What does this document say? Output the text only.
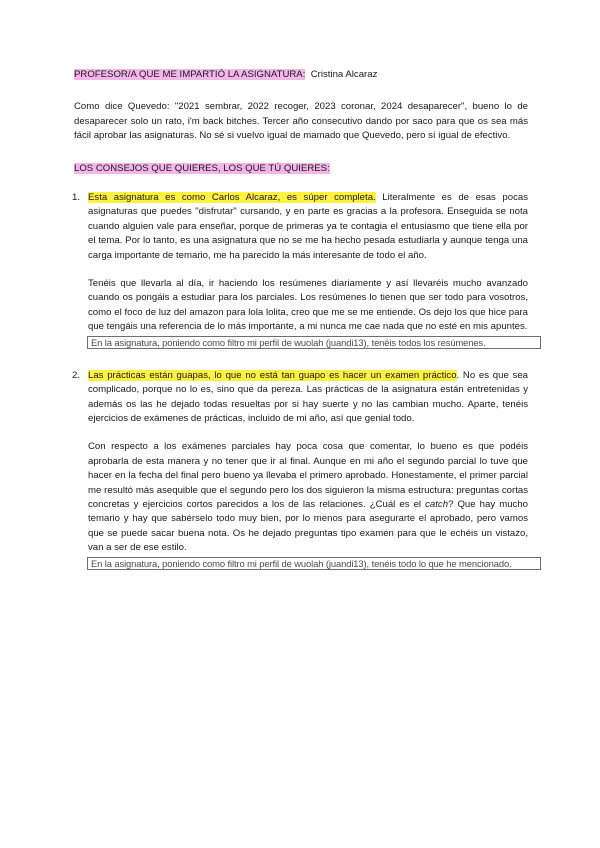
PROFESOR/A QUE ME IMPARTIÓ LA ASIGNATURA: Cristina Alcaraz

Como dice Quevedo: "2021 sembrar, 2022 recoger, 2023 coronar, 2024 desaparecer", bueno lo de desaparecer solo un rato, i'm back bitches. Tercer año consecutivo dando por saco para que os sea más fácil aprobar las asignaturas. No sé si vuelvo igual de mamado que Quevedo, pero sí igual de efectivo.

LOS CONSEJOS QUE QUIERES, LOS QUE TÚ QUIERES:

1. Esta asignatura es como Carlos Alcaraz, es súper completa. Literalmente es de esas pocas asignaturas que puedes "disfrutar" cursando, y en parte es gracias a la profesora. Enseguida se nota cuando alguien vale para enseñar, porque de primeras ya te contagia el entusiasmo que tiene ella por el tema. Por lo tanto, es una asignatura que no se me ha hecho pesada estudiarla y aunque tenga una carga importante de temario, me ha parecido la más interesante de todo el año.

Tenéis que llevarla al día, ir haciendo los resúmenes diariamente y así llevaréis mucho avanzado cuando os pongáis a estudiar para los parciales. Los resúmenes lo tienen que ser todo para vosotros, como el foco de luz del amazon para lola lolita, creo que me se me entiende. Os dejo los que hice para que tengáis una referencia de lo más importante, a mi nunca me cae nada que no esté en mis apuntes.

En la asignatura, poniendo como filtro mi perfil de wuolah (juandi13), tenéis todos los resúmenes.
2. Las prácticas están guapas, lo que no está tan guapo es hacer un examen práctico. No es que sea complicado, porque no lo es, sino que da pereza. Las prácticas de la asignatura están entretenidas y además os las he dejado todas resueltas por si hay suerte y no las cambian mucho. Aparte, tenéis ejercicios de exámenes de prácticas, incluido de mi año, así que genial todo.

Con respecto a los exámenes parciales hay poca cosa que comentar, lo bueno es que podéis aprobarla de esta manera y no tener que ir al final. Aunque en mi año el segundo parcial lo tuve que hacer en la fecha del final pero bueno ya llevaba el primero aprobado. Honestamente, el primer parcial me resultó más asequible que el segundo pero los dos siguieron la misma estructura: preguntas cortas concretas y ejercicios cortos parecidos a los de las relaciones. ¿Cuál es el catch? Que hay mucho temario y hay que sabérselo todo muy bien, por lo menos para asegurarte el aprobado, pero vamos que se puede sacar buena nota. Os he dejado preguntas tipo examen para que le echéis un vistazo, van a ser de ese estilo.

En la asignatura, poniendo como filtro mi perfil de wuolah (juandi13), tenéis todo lo que he mencionado.
